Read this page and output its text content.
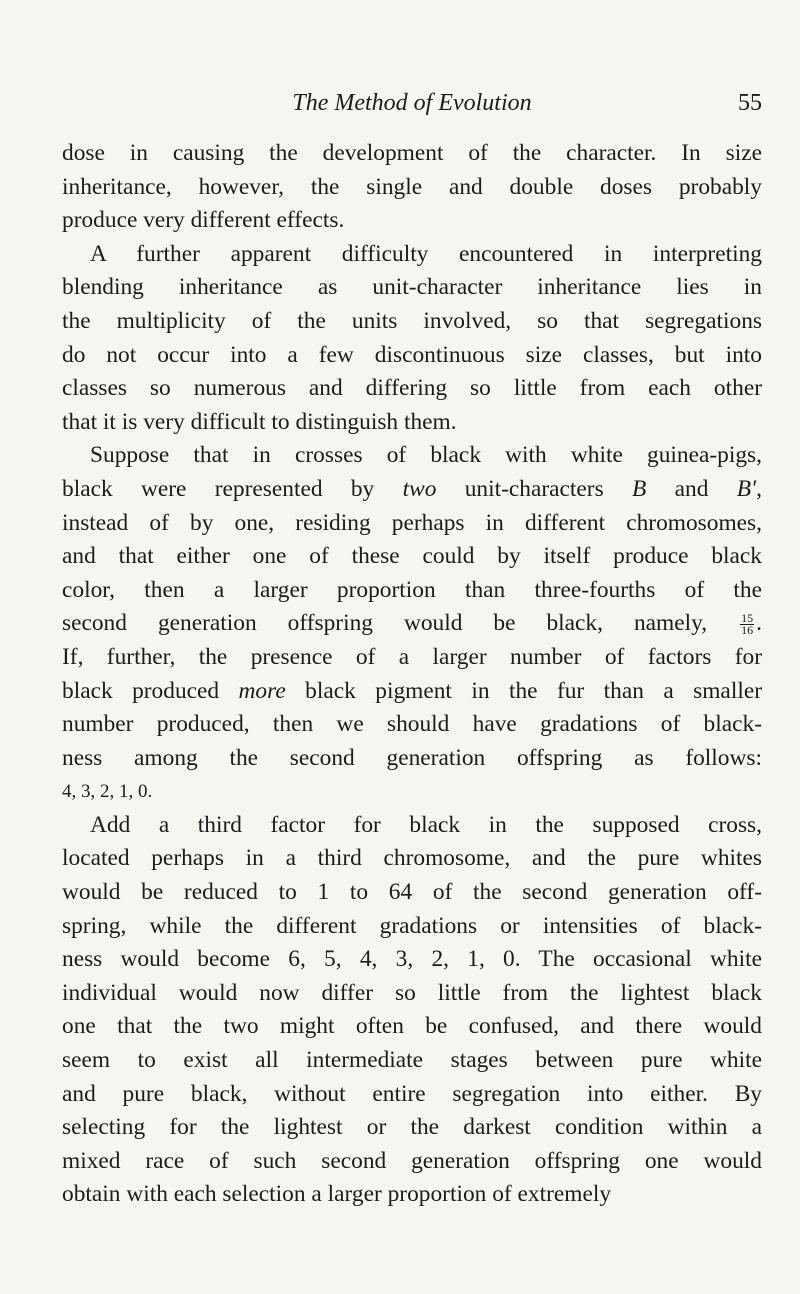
The Method of Evolution	55
dose in causing the development of the character. In size
inheritance, however, the single and double doses probably
produce very different effects.
A further apparent difficulty encountered in interpreting
blending inheritance as unit-character inheritance lies in
the multiplicity of the units involved, so that segregations
do not occur into a few discontinuous size classes, but into
classes so numerous and differing so little from each other
that it is very difficult to distinguish them.
Suppose that in crosses of black with white guinea-pigs,
black were represented by two unit-characters B and B′,
instead of by one, residing perhaps in different chromosomes,
and that either one of these could by itself produce black
color, then a larger proportion than three-fourths of the
second generation offspring would be black, namely, $\frac{15}{16}$ .
If, further, the presence of a larger number of factors for
black produced more black pigment in the fur than a smaller
number produced, then we should have gradations of black-
ness among the second generation offspring as follows:
4, 3, 2, 1, 0.
Add a third factor for black in the supposed cross,
located perhaps in a third chromosome, and the pure whites
would be reduced to 1 to 64 of the second generation off-
spring, while the different gradations or intensities of black-
ness would become 6, 5, 4, 3, 2, 1, 0. The occasional white
individual would now differ so little from the lightest black
one that the two might often be confused, and there would
seem to exist all intermediate stages between pure white
and pure black, without entire segregation into either. By
selecting for the lightest or the darkest condition within a
mixed race of such second generation offspring one would
obtain with each selection a larger proportion of extremely
